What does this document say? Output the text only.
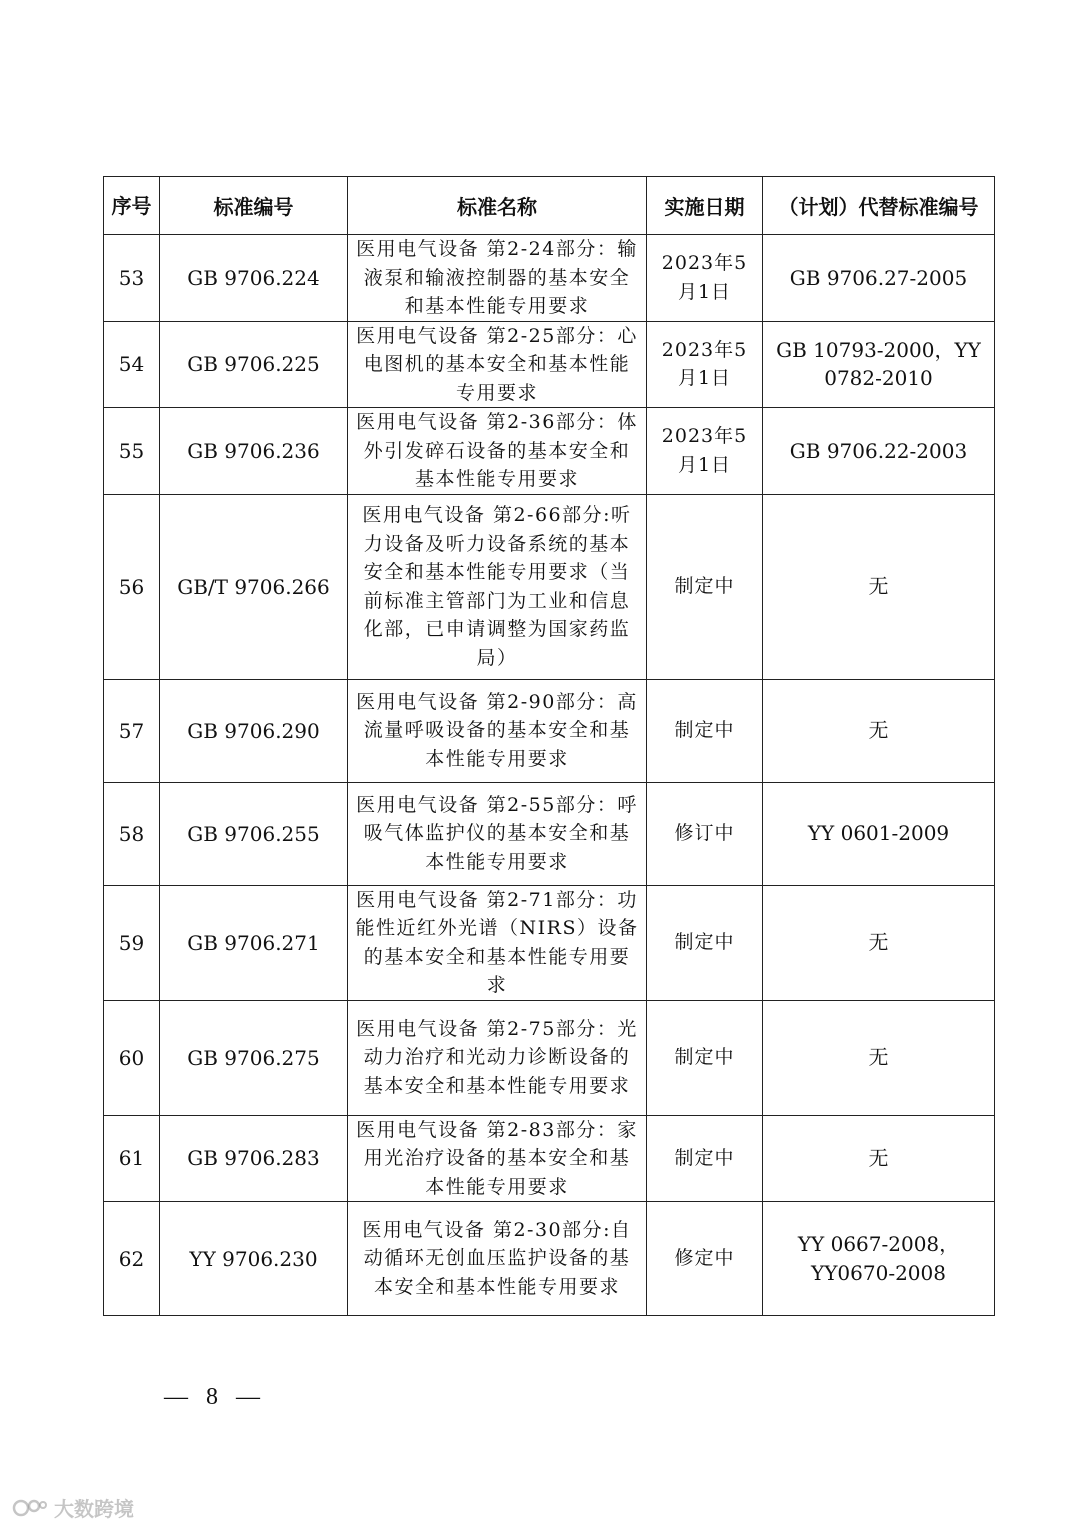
序号	标准编号	标准名称	实施日期	（计划）代替标准编号
53	GB 9706.224	医用电气设备 第2-24部分：输液泵和输液控制器的基本安全和基本性能专用要求	2023年5月1日	GB 9706.27-2005
54	GB 9706.225	医用电气设备 第2-25部分：心电图机的基本安全和基本性能专用要求	2023年5月1日	GB 10793-2000，YY 0782-2010
55	GB 9706.236	医用电气设备 第2-36部分：体外引发碎石设备的基本安全和基本性能专用要求	2023年5月1日	GB 9706.22-2003
56	GB/T 9706.266	医用电气设备 第2-66部分:听力设备及听力设备系统的基本安全和基本性能专用要求（当前标准主管部门为工业和信息化部，已申请调整为国家药监局）	制定中	无
57	GB 9706.290	医用电气设备 第2-90部分：高流量呼吸设备的基本安全和基本性能专用要求	制定中	无
58	GB 9706.255	医用电气设备 第2-55部分：呼吸气体监护仪的基本安全和基本性能专用要求	修订中	YY 0601-2009
59	GB 9706.271	医用电气设备 第2-71部分：功能性近红外光谱（NIRS）设备的基本安全和基本性能专用要求	制定中	无
60	GB 9706.275	医用电气设备 第2-75部分：光动力治疗和光动力诊断设备的基本安全和基本性能专用要求	制定中	无
61	GB 9706.283	医用电气设备 第2-83部分：家用光治疗设备的基本安全和基本性能专用要求	制定中	无
62	YY 9706.230	医用电气设备 第2-30部分:自动循环无创血压监护设备的基本安全和基本性能专用要求	修定中	YY 0667-2008，YY0670-2008
— 8 —
大数跨境
